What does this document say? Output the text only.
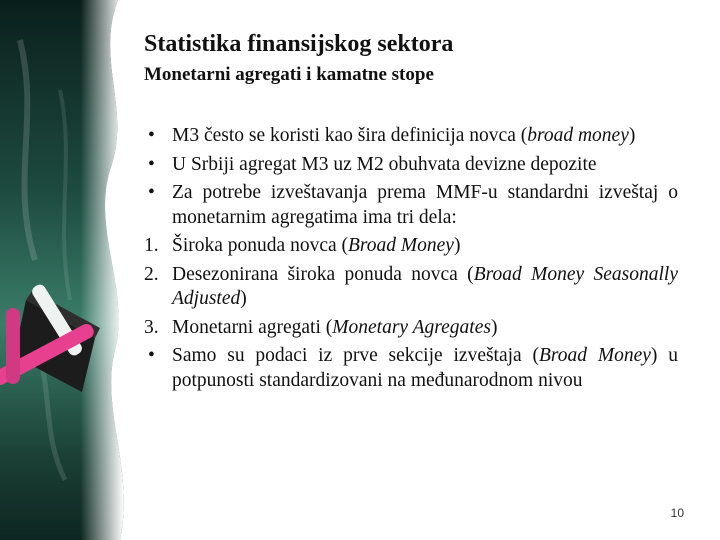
Statistika finansijskog sektora
Monetarni agregati i kamatne stope
• M3 često se koristi kao šira definicija novca (broad money)
• U Srbiji agregat M3 uz M2 obuhvata devizne depozite
• Za potrebe izveštavanja prema MMF-u standardni izveštaj o monetarnim agregatima ima tri dela:
1. Široka ponuda novca (Broad Money)
2. Desezonirana široka ponuda novca (Broad Money Seasonally Adjusted)
3. Monetarni agregati (Monetary Agregates)
• Samo su podaci iz prve sekcije izveštaja (Broad Money) u potpunosti standardizovani na međunarodnom nivou
10
